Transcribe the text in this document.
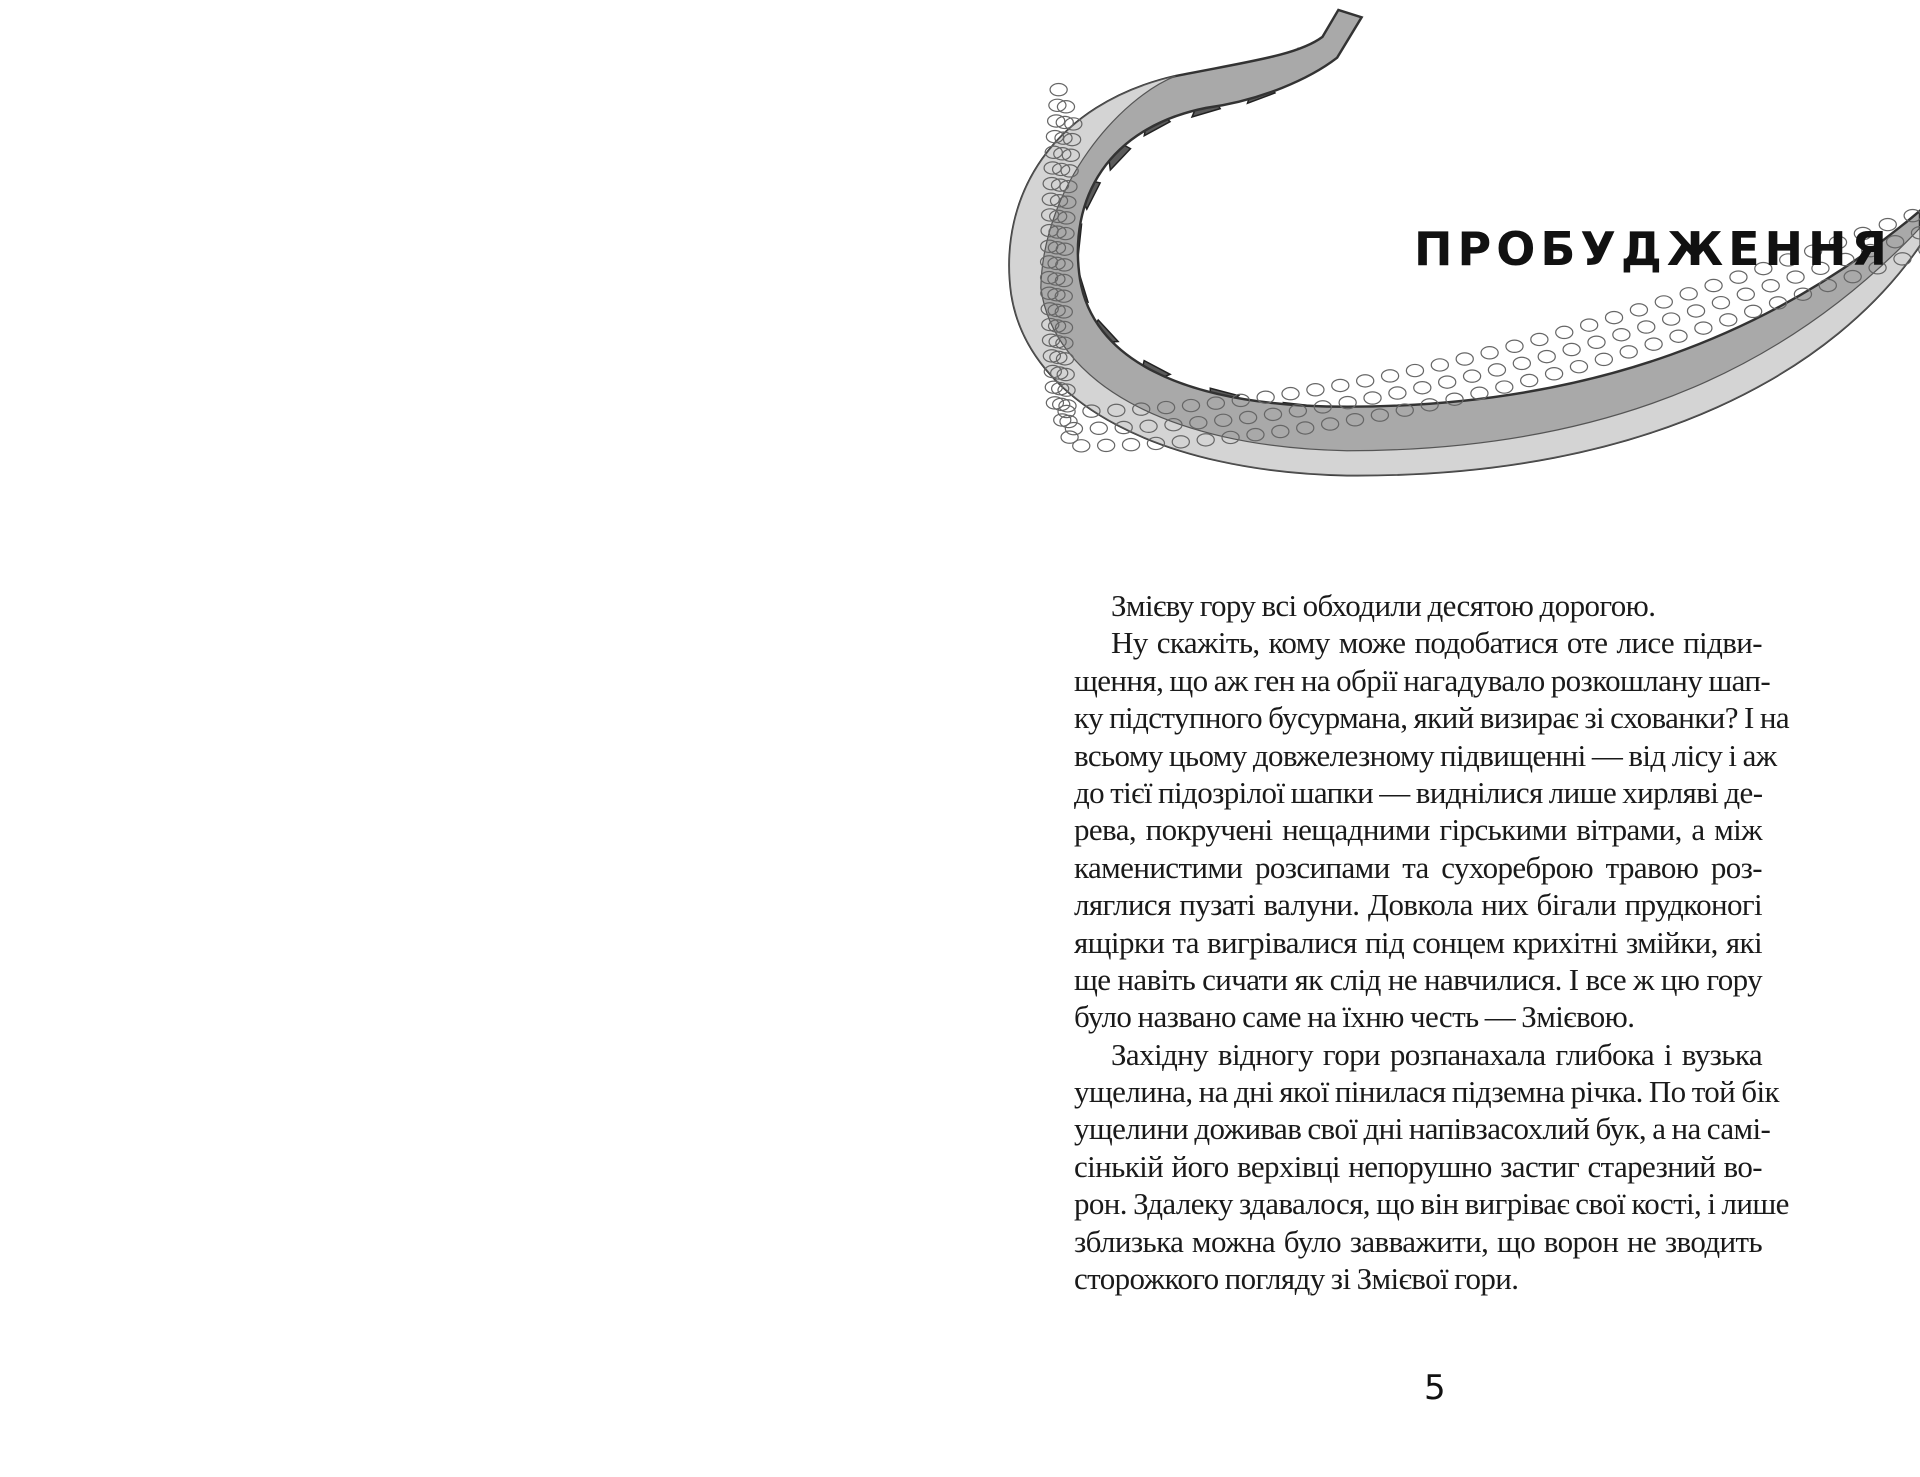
ПРОБУДЖЕННЯ
Змієву гору всі обходили десятою дорогою.
Ну скажіть, кому може подобатися оте лисе підви-
щення, що аж ген на обрії нагадувало розкошлану шап-
ку підступного бусурмана, який визирає зі схованки? І на
всьому цьому довжелезному підвищенні — від лісу і аж
до тієї підозрілої шапки — виднілися лише хирляві де-
рева, покручені нещадними гірськими вітрами, а між
каменистими розсипами та сухоребрoю травою роз-
ляглися пузаті валуни. Довкола них бігали прудконогі
ящірки та вигрівалися під сонцем крихітні змійки, які
ще навіть сичати як слід не навчилися. І все ж цю гору
було названо саме на їхню честь — Змієвою.
Західну віднoгу гори розпанахала глибока і вузька
ущелина, на дні якої пінилася підземна річка. По той бік
ущелини доживав свої дні напівзасохлий бук, а на самі-
сінькій його верхівці непорушно застиг старезний во-
рон. Здалеку здавалося, що він вигріває свої кості, і лише
зблизька можна було завважити, що ворон не зводить
сторожкого погляду зі Змієвої гори.
5
